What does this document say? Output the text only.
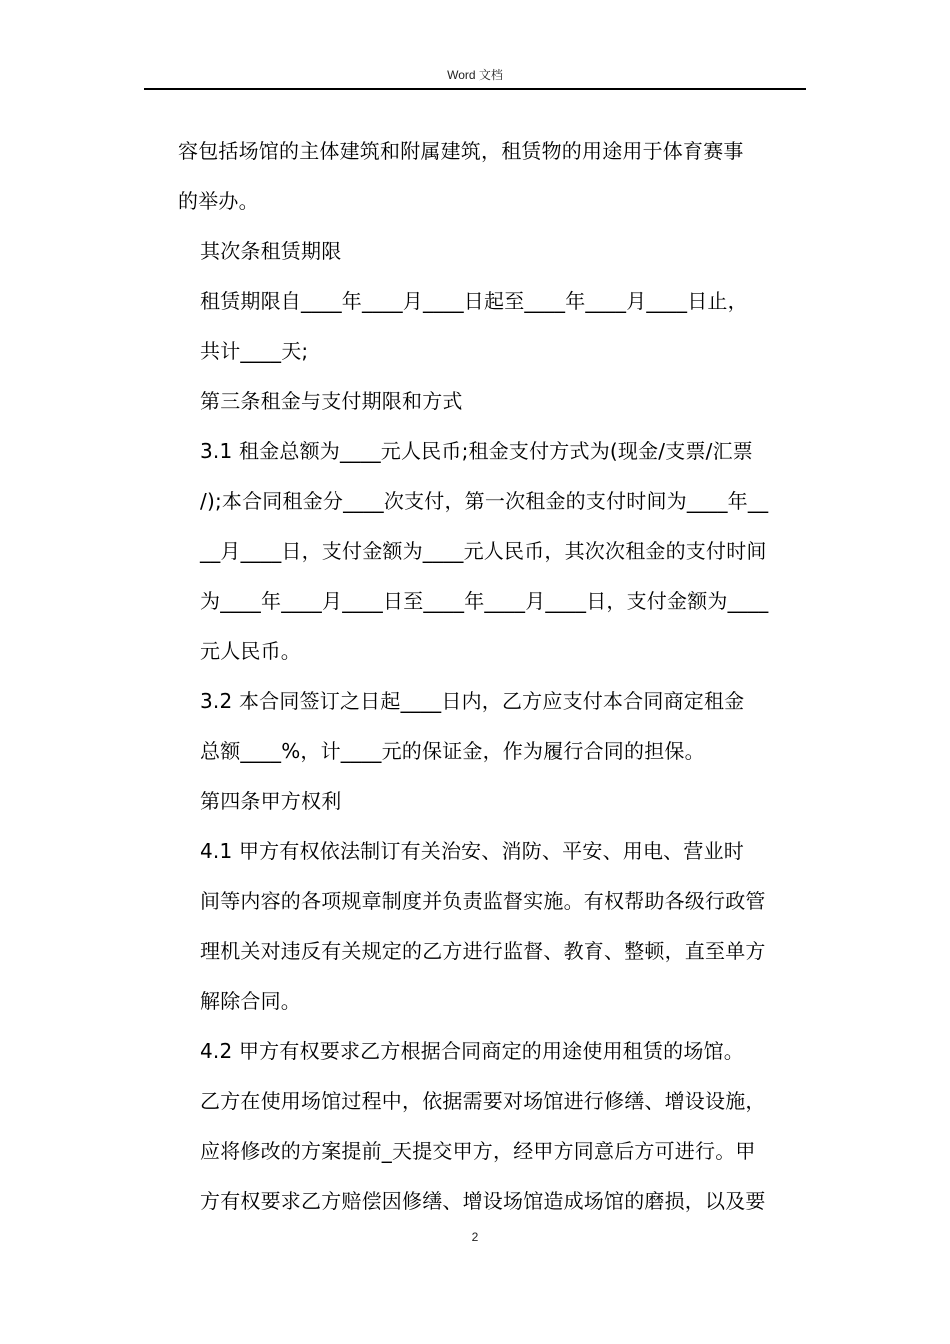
Word 文档
容包括场馆的主体建筑和附属建筑，租赁物的用途用于体育赛事
的举办。
其次条租赁期限
租赁期限自____年____月____日起至____年____月____日止，
共计____天;
第三条租金与支付期限和方式
3.1 租金总额为____元人民币;租金支付方式为(现金/支票/汇票
/);本合同租金分____次支付，第一次租金的支付时间为____年__
__月____日，支付金额为____元人民币，其次次租金的支付时间
为____年____月____日至____年____月____日，支付金额为____
元人民币。
3.2 本合同签订之日起____日内，乙方应支付本合同商定租金
总额____%，计____元的保证金，作为履行合同的担保。
第四条甲方权利
4.1 甲方有权依法制订有关治安、消防、平安、用电、营业时
间等内容的各项规章制度并负责监督实施。有权帮助各级行政管
理机关对违反有关规定的乙方进行监督、教育、整顿，直至单方
解除合同。
4.2 甲方有权要求乙方根据合同商定的用途使用租赁的场馆。
乙方在使用场馆过程中，依据需要对场馆进行修缮、增设设施，
应将修改的方案提前_天提交甲方，经甲方同意后方可进行。甲
方有权要求乙方赔偿因修缮、增设场馆造成场馆的磨损，以及要
2
